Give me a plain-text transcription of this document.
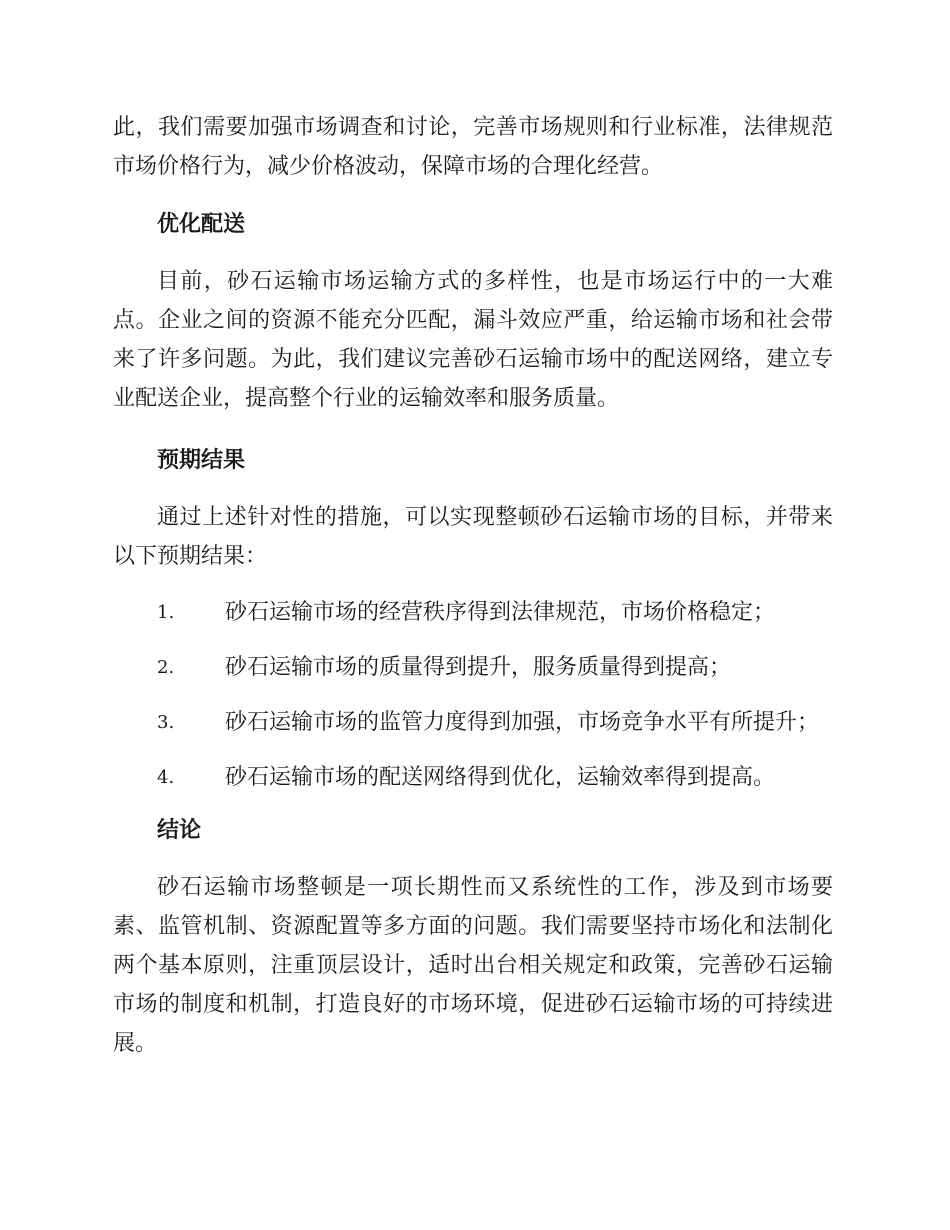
此，我们需要加强市场调查和讨论，完善市场规则和行业标准，法律规范市场价格行为，减少价格波动，保障市场的合理化经营。

优化配送

目前，砂石运输市场运输方式的多样性，也是市场运行中的一大难点。企业之间的资源不能充分匹配，漏斗效应严重，给运输市场和社会带来了许多问题。为此，我们建议完善砂石运输市场中的配送网络，建立专业配送企业，提高整个行业的运输效率和服务质量。

预期结果

通过上述针对性的措施，可以实现整顿砂石运输市场的目标，并带来以下预期结果：

1. 砂石运输市场的经营秩序得到法律规范，市场价格稳定；
2. 砂石运输市场的质量得到提升，服务质量得到提高；
3. 砂石运输市场的监管力度得到加强，市场竞争水平有所提升；
4. 砂石运输市场的配送网络得到优化，运输效率得到提高。
结论

砂石运输市场整顿是一项长期性而又系统性的工作，涉及到市场要素、监管机制、资源配置等多方面的问题。我们需要坚持市场化和法制化两个基本原则，注重顶层设计，适时出台相关规定和政策，完善砂石运输市场的制度和机制，打造良好的市场环境，促进砂石运输市场的可持续进展。
